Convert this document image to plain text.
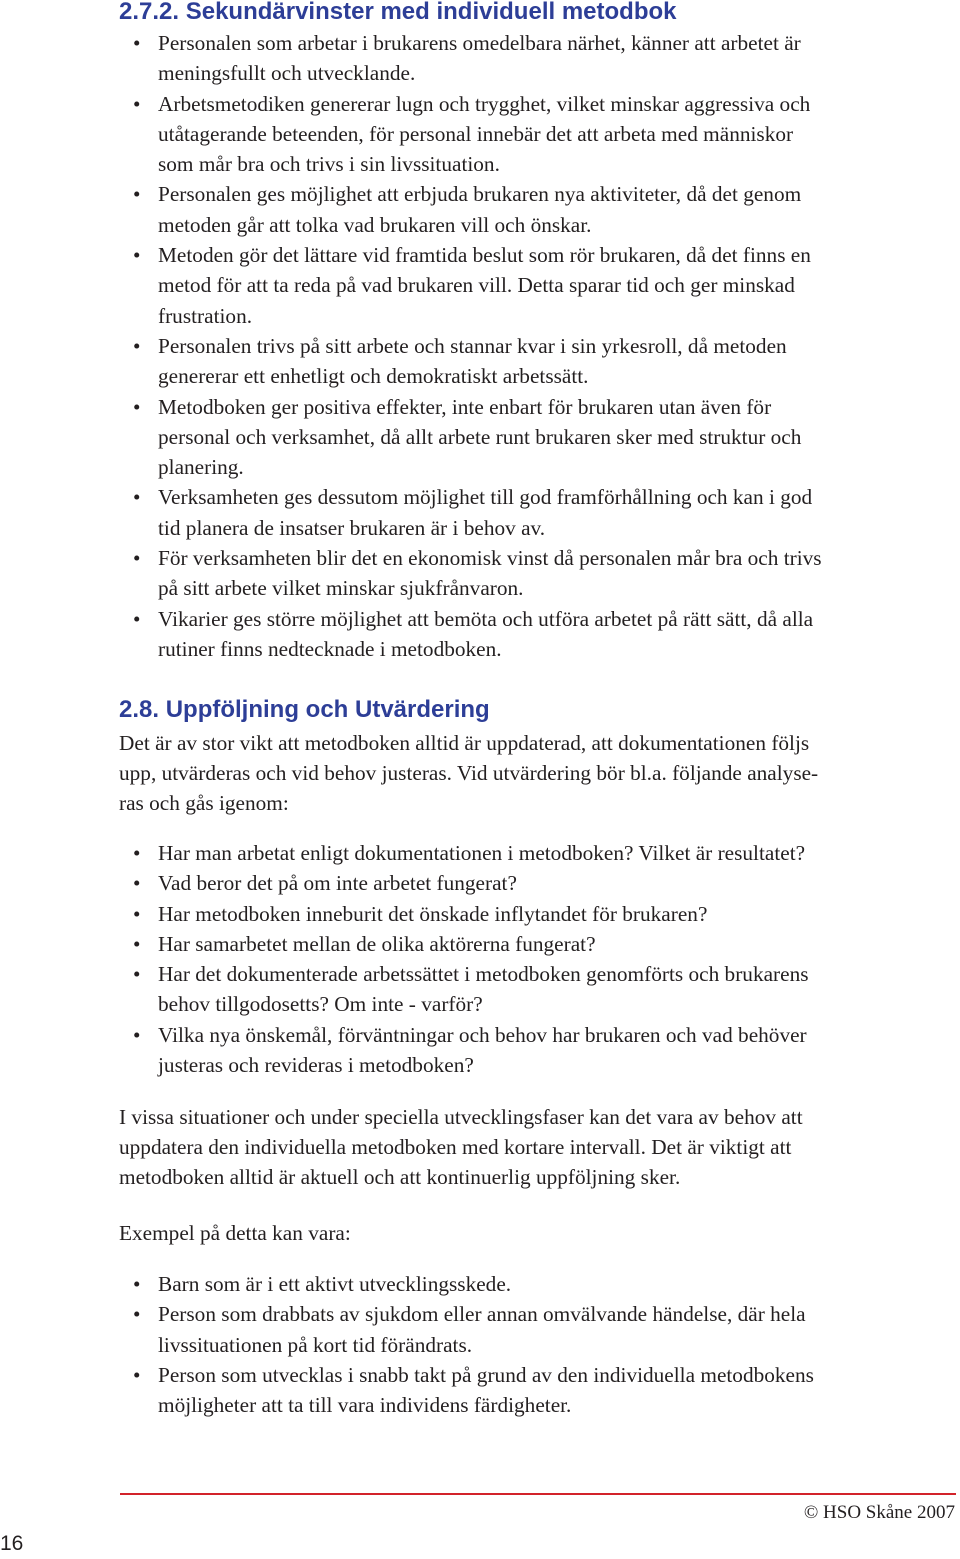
2.7.2. Sekundärvinster med individuell metodbok
• Personalen som arbetar i brukarens omedelbara närhet, känner att arbetet är
meningsfullt och utvecklande.
• Arbetsmetodiken genererar lugn och trygghet, vilket minskar aggressiva och
utåtagerande beteenden, för personal innebär det att arbeta med människor
som mår bra och trivs i sin livssituation.
• Personalen ges möjlighet att erbjuda brukaren nya aktiviteter, då det genom
metoden går att tolka vad brukaren vill och önskar.
• Metoden gör det lättare vid framtida beslut som rör brukaren, då det finns en
metod för att ta reda på vad brukaren vill. Detta sparar tid och ger minskad
frustration.
• Personalen trivs på sitt arbete och stannar kvar i sin yrkesroll, då metoden
genererar ett enhetligt och demokratiskt arbetssätt.
• Metodboken ger positiva effekter, inte enbart för brukaren utan även för
personal och verksamhet, då allt arbete runt brukaren sker med struktur och
planering.
• Verksamheten ges dessutom möjlighet till god framförhållning och kan i god
tid planera de insatser brukaren är i behov av.
• För verksamheten blir det en ekonomisk vinst då personalen mår bra och trivs
på sitt arbete vilket minskar sjukfrånvaron.
• Vikarier ges större möjlighet att bemöta och utföra arbetet på rätt sätt, då alla
rutiner finns nedtecknade i metodboken.
2.8. Uppföljning och Utvärdering

Det är av stor vikt att metodboken alltid är uppdaterad, att dokumentationen följs
upp, utvärderas och vid behov justeras. Vid utvärdering bör bl.a. följande analyse-
ras och gås igenom:

• Har man arbetat enligt dokumentationen i metodboken? Vilket är resultatet?
• Vad beror det på om inte arbetet fungerat?
• Har metodboken inneburit det önskade inflytandet för brukaren?
• Har samarbetet mellan de olika aktörerna fungerat?
• Har det dokumenterade arbetssättet i metodboken genomförts och brukarens
behov tillgodosetts? Om inte - varför?
• Vilka nya önskemål, förväntningar och behov har brukaren och vad behöver
justeras och revideras i metodboken?

I vissa situationer och under speciella utvecklingsfaser kan det vara av behov att
uppdatera den individuella metodboken med kortare intervall. Det är viktigt att
metodboken alltid är aktuell och att kontinuerlig uppföljning sker.

Exempel på detta kan vara:

• Barn som är i ett aktivt utvecklingsskede.
• Person som drabbats av sjukdom eller annan omvälvande händelse, där hela
livssituationen på kort tid förändrats.
• Person som utvecklas i snabb takt på grund av den individuella metodbokens
möjligheter att ta till vara individens färdigheter.
© HSO Skåne 2007
16
